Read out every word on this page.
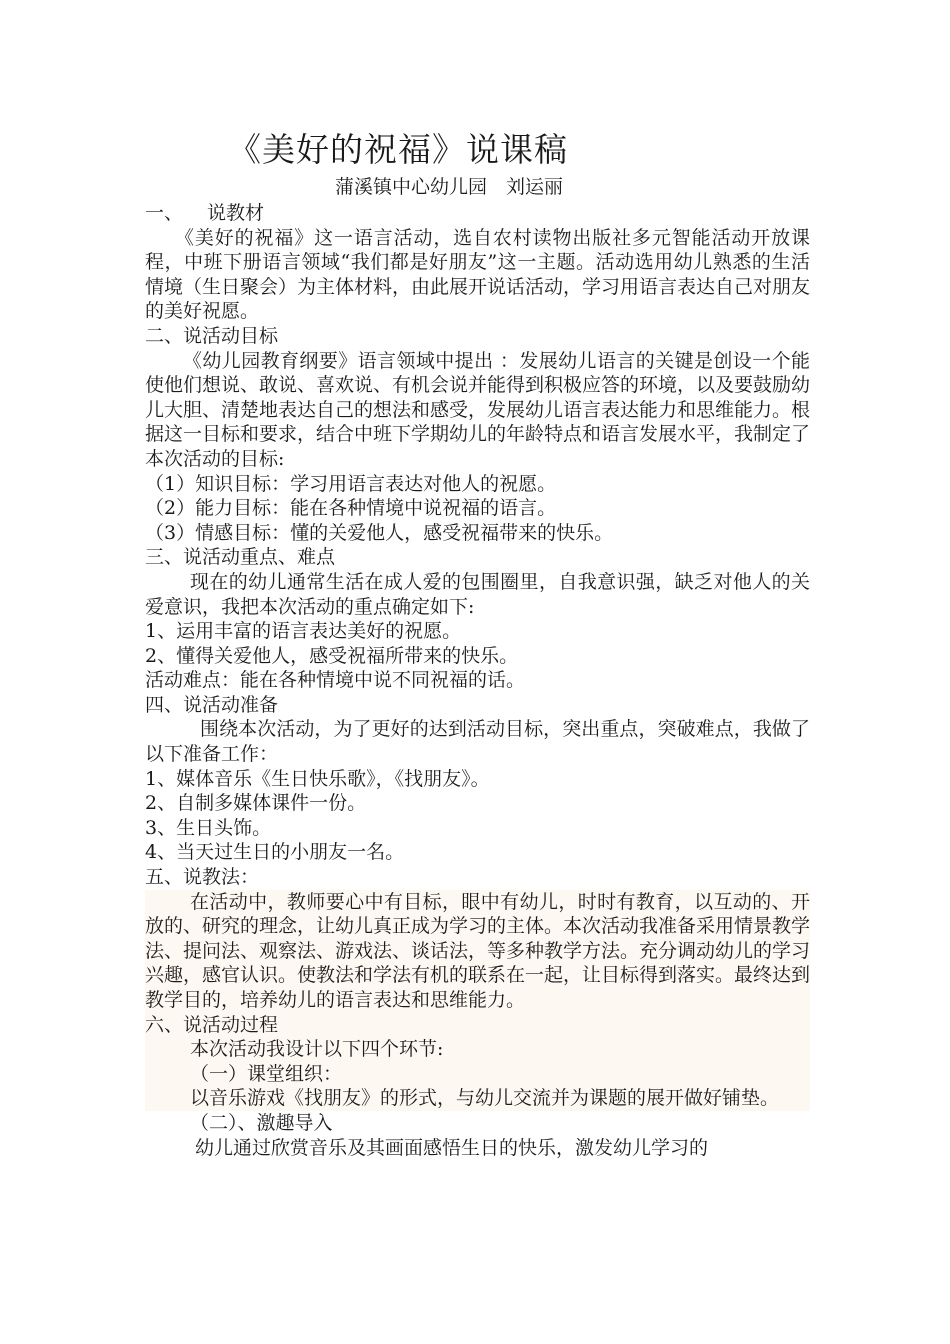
《美好的祝福》说课稿
蒲溪镇中心幼儿园　刘运丽

一、 说教材

《美好的祝福》这一语言活动，选自农村读物出版社多元智能活动开放课程，中班下册语言领域“我们都是好朋友”这一主题。活动选用幼儿熟悉的生活情境（生日聚会）为主体材料，由此展开说话活动，学习用语言表达自己对朋友的美好祝愿。

二、说活动目标

《幼儿园教育纲要》语言领域中提出 ：发展幼儿语言的关键是创设一个能使他们想说、敢说、喜欢说、有机会说并能得到积极应答的环境，以及要鼓励幼儿大胆、清楚地表达自己的想法和感受，发展幼儿语言表达能力和思维能力。根据这一目标和要求，结合中班下学期幼儿的年龄特点和语言发展水平，我制定了本次活动的目标:

（1）知识目标：学习用语言表达对他人的祝愿。

（2）能力目标：能在各种情境中说祝福的语言。

（3）情感目标：懂的关爱他人，感受祝福带来的快乐。

三、说活动重点、难点

现在的幼儿通常生活在成人爱的包围圈里，自我意识强，缺乏对他人的关爱意识，我把本次活动的重点确定如下:

1、运用丰富的语言表达美好的祝愿。

2、懂得关爱他人，感受祝福所带来的快乐。

活动难点：能在各种情境中说不同祝福的话。

四、说活动准备

围绕本次活动，为了更好的达到活动目标，突出重点，突破难点，我做了以下准备工作：

1、媒体音乐《生日快乐歌》，《找朋友》。

2、自制多媒体课件一份。

3、生日头饰。

4、当天过生日的小朋友一名。

五、说教法：

在活动中，教师要心中有目标，眼中有幼儿，时时有教育，以互动的、开放的、研究的理念，让幼儿真正成为学习的主体。本次活动我准备采用情景教学法、提问法、观察法、游戏法、谈话法，等多种教学方法。充分调动幼儿的学习兴趣，感官认识。使教法和学法有机的联系在一起，让目标得到落实。最终达到教学目的，培养幼儿的语言表达和思维能力。

六、说活动过程

本次活动我设计以下四个环节:

（一）课堂组织：

以音乐游戏《找朋友》的形式，与幼儿交流并为课题的展开做好铺垫。

（二）、激趣导入

幼儿通过欣赏音乐及其画面感悟生日的快乐，激发幼儿学习的
